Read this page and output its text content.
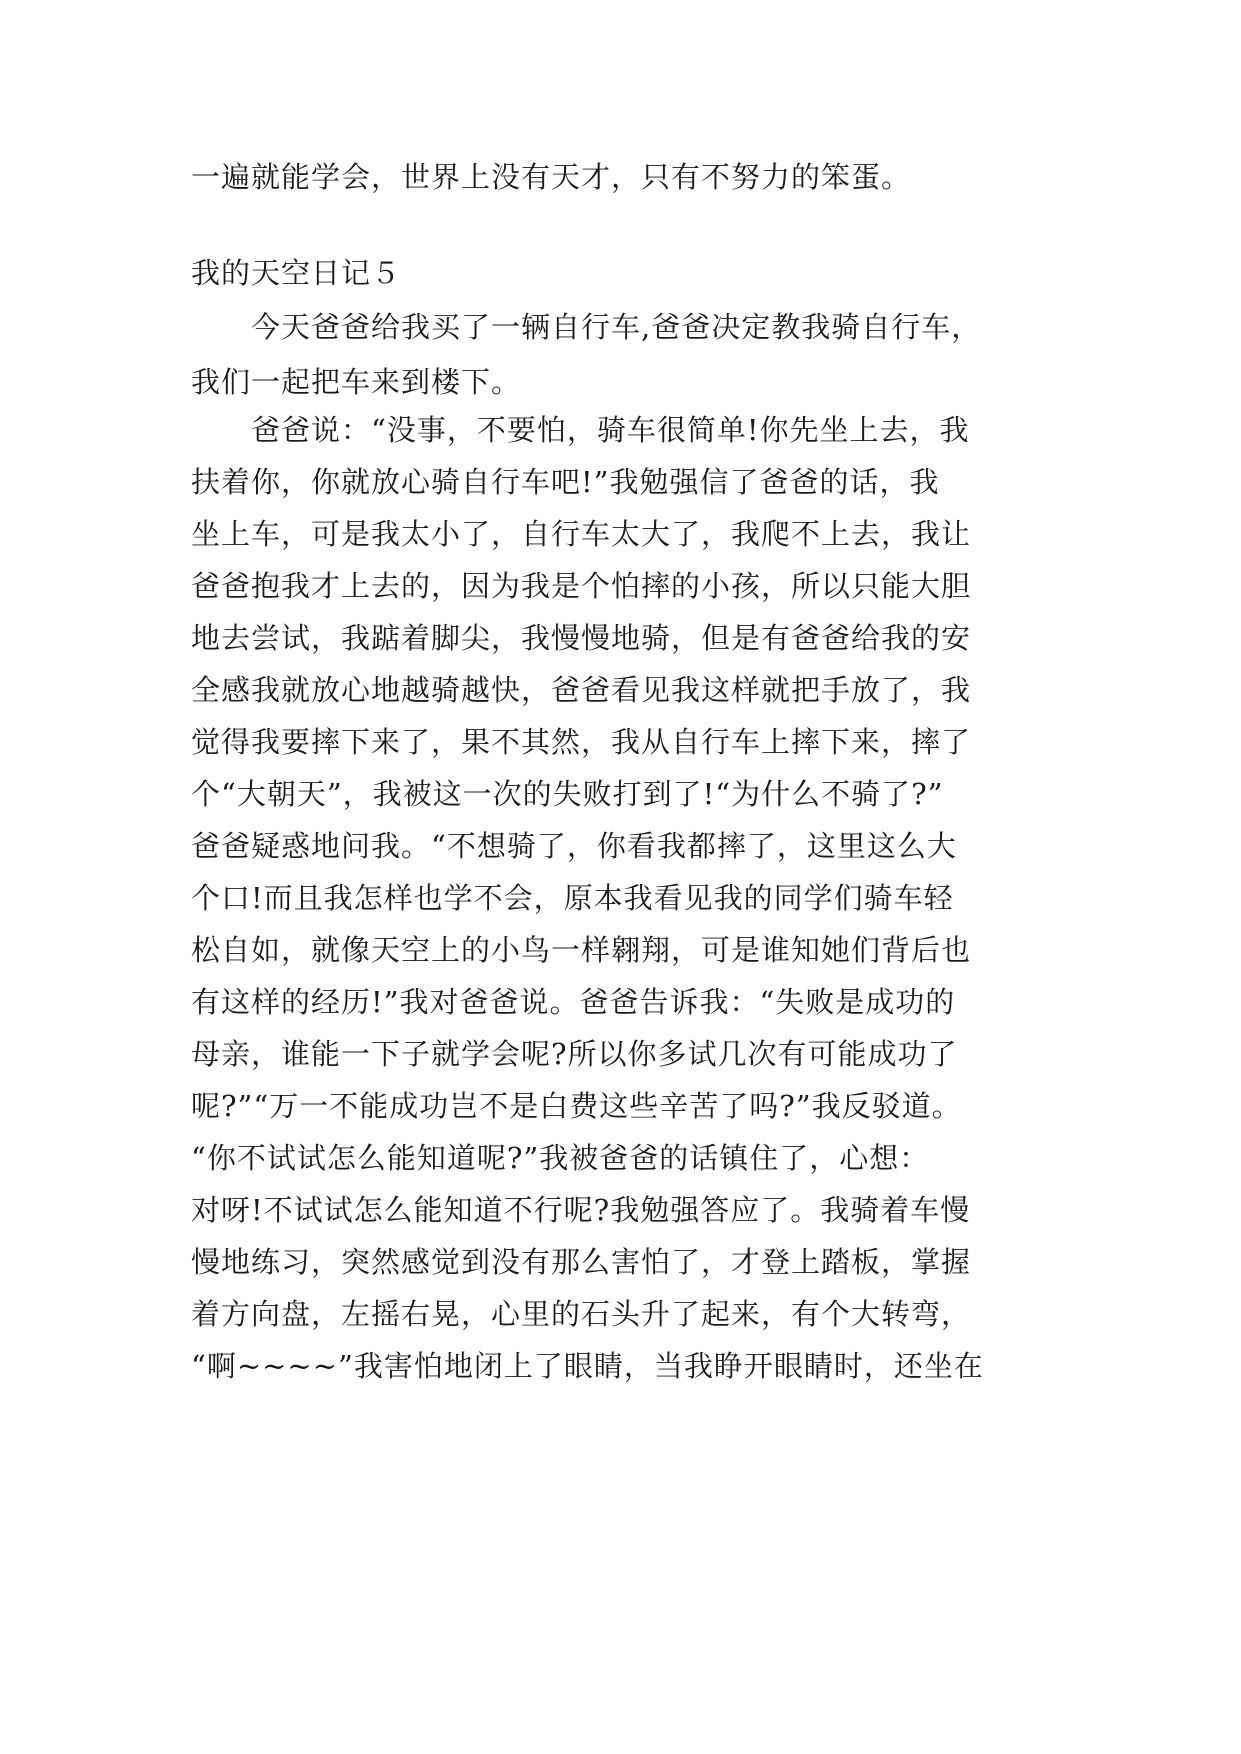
一遍就能学会，世界上没有天才，只有不努力的笨蛋。
我的天空日记５
　　今天爸爸给我买了一辆自行车,爸爸决定教我骑自行车，
我们一起把车来到楼下。
　　爸爸说：“没事，不要怕，骑车很简单!你先坐上去，我
扶着你，你就放心骑自行车吧!”我勉强信了爸爸的话，我
坐上车，可是我太小了，自行车太大了，我爬不上去，我让
爸爸抱我才上去的，因为我是个怕摔的小孩，所以只能大胆
地去尝试，我踮着脚尖，我慢慢地骑，但是有爸爸给我的安
全感我就放心地越骑越快，爸爸看见我这样就把手放了，我
觉得我要摔下来了，果不其然，我从自行车上摔下来，摔了
个“大朝天”，我被这一次的失败打到了!“为什么不骑了?”
爸爸疑惑地问我。“不想骑了，你看我都摔了，这里这么大
个口!而且我怎样也学不会，原本我看见我的同学们骑车轻
松自如，就像天空上的小鸟一样翱翔，可是谁知她们背后也
有这样的经历!”我对爸爸说。爸爸告诉我：“失败是成功的
母亲，谁能一下子就学会呢?所以你多试几次有可能成功了
呢?”“万一不能成功岂不是白费这些辛苦了吗?”我反驳道。
“你不试试怎么能知道呢?”我被爸爸的话镇住了，心想：
对呀!不试试怎么能知道不行呢?我勉强答应了。我骑着车慢
慢地练习，突然感觉到没有那么害怕了，才登上踏板，掌握
着方向盘，左摇右晃，心里的石头升了起来，有个大转弯，
“啊~~~~”我害怕地闭上了眼睛，当我睁开眼睛时，还坐在
